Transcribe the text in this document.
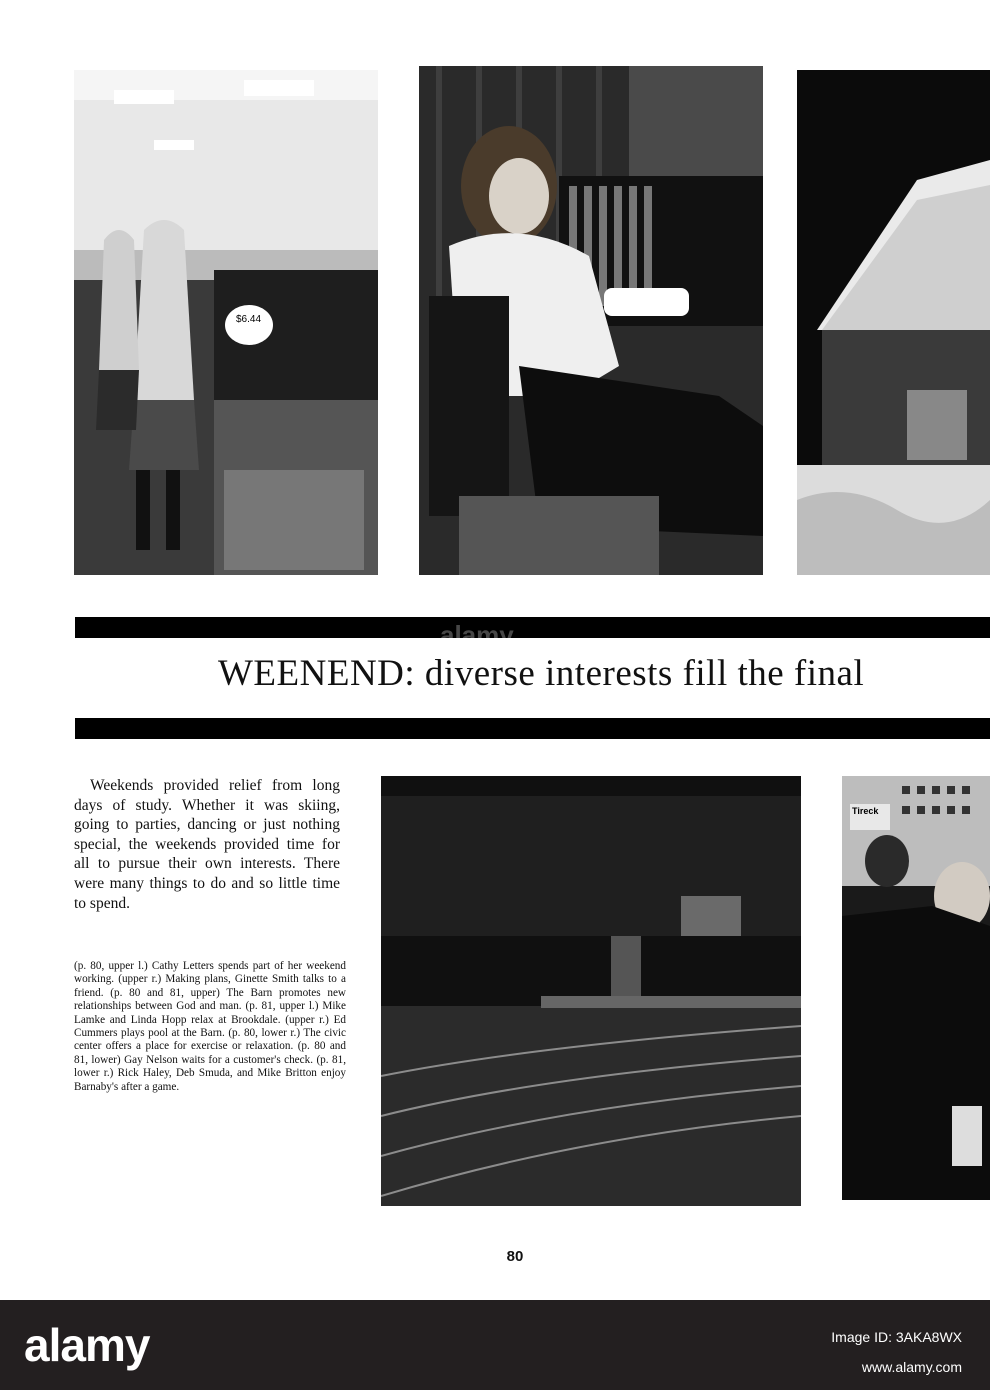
$6.44
WEENEND: diverse interests fill the final
Weekends provided relief from long days of study. Whether it was skiing, going to parties, dancing or just nothing special, the weekends provided time for all to pursue their own interests. There were many things to do and so little time to spend.
(p. 80, upper l.) Cathy Letters spends part of her weekend working. (upper r.) Making plans, Ginette Smith talks to a friend. (p. 80 and 81, upper) The Barn promotes new relationships between God and man. (p. 81, upper l.) Mike Lamke and Linda Hopp relax at Brookdale. (upper r.) Ed Cummers plays pool at the Barn. (p. 80, lower r.) The civic center offers a place for exercise or relaxation. (p. 80 and 81, lower) Gay Nelson waits for a customer's check. (p. 81, lower r.) Rick Haley, Deb Smuda, and Mike Britton enjoy Barnaby's after a game.
Tireck
alamy
80
alamy	Image ID: 3AKA8WX
www.alamy.com
